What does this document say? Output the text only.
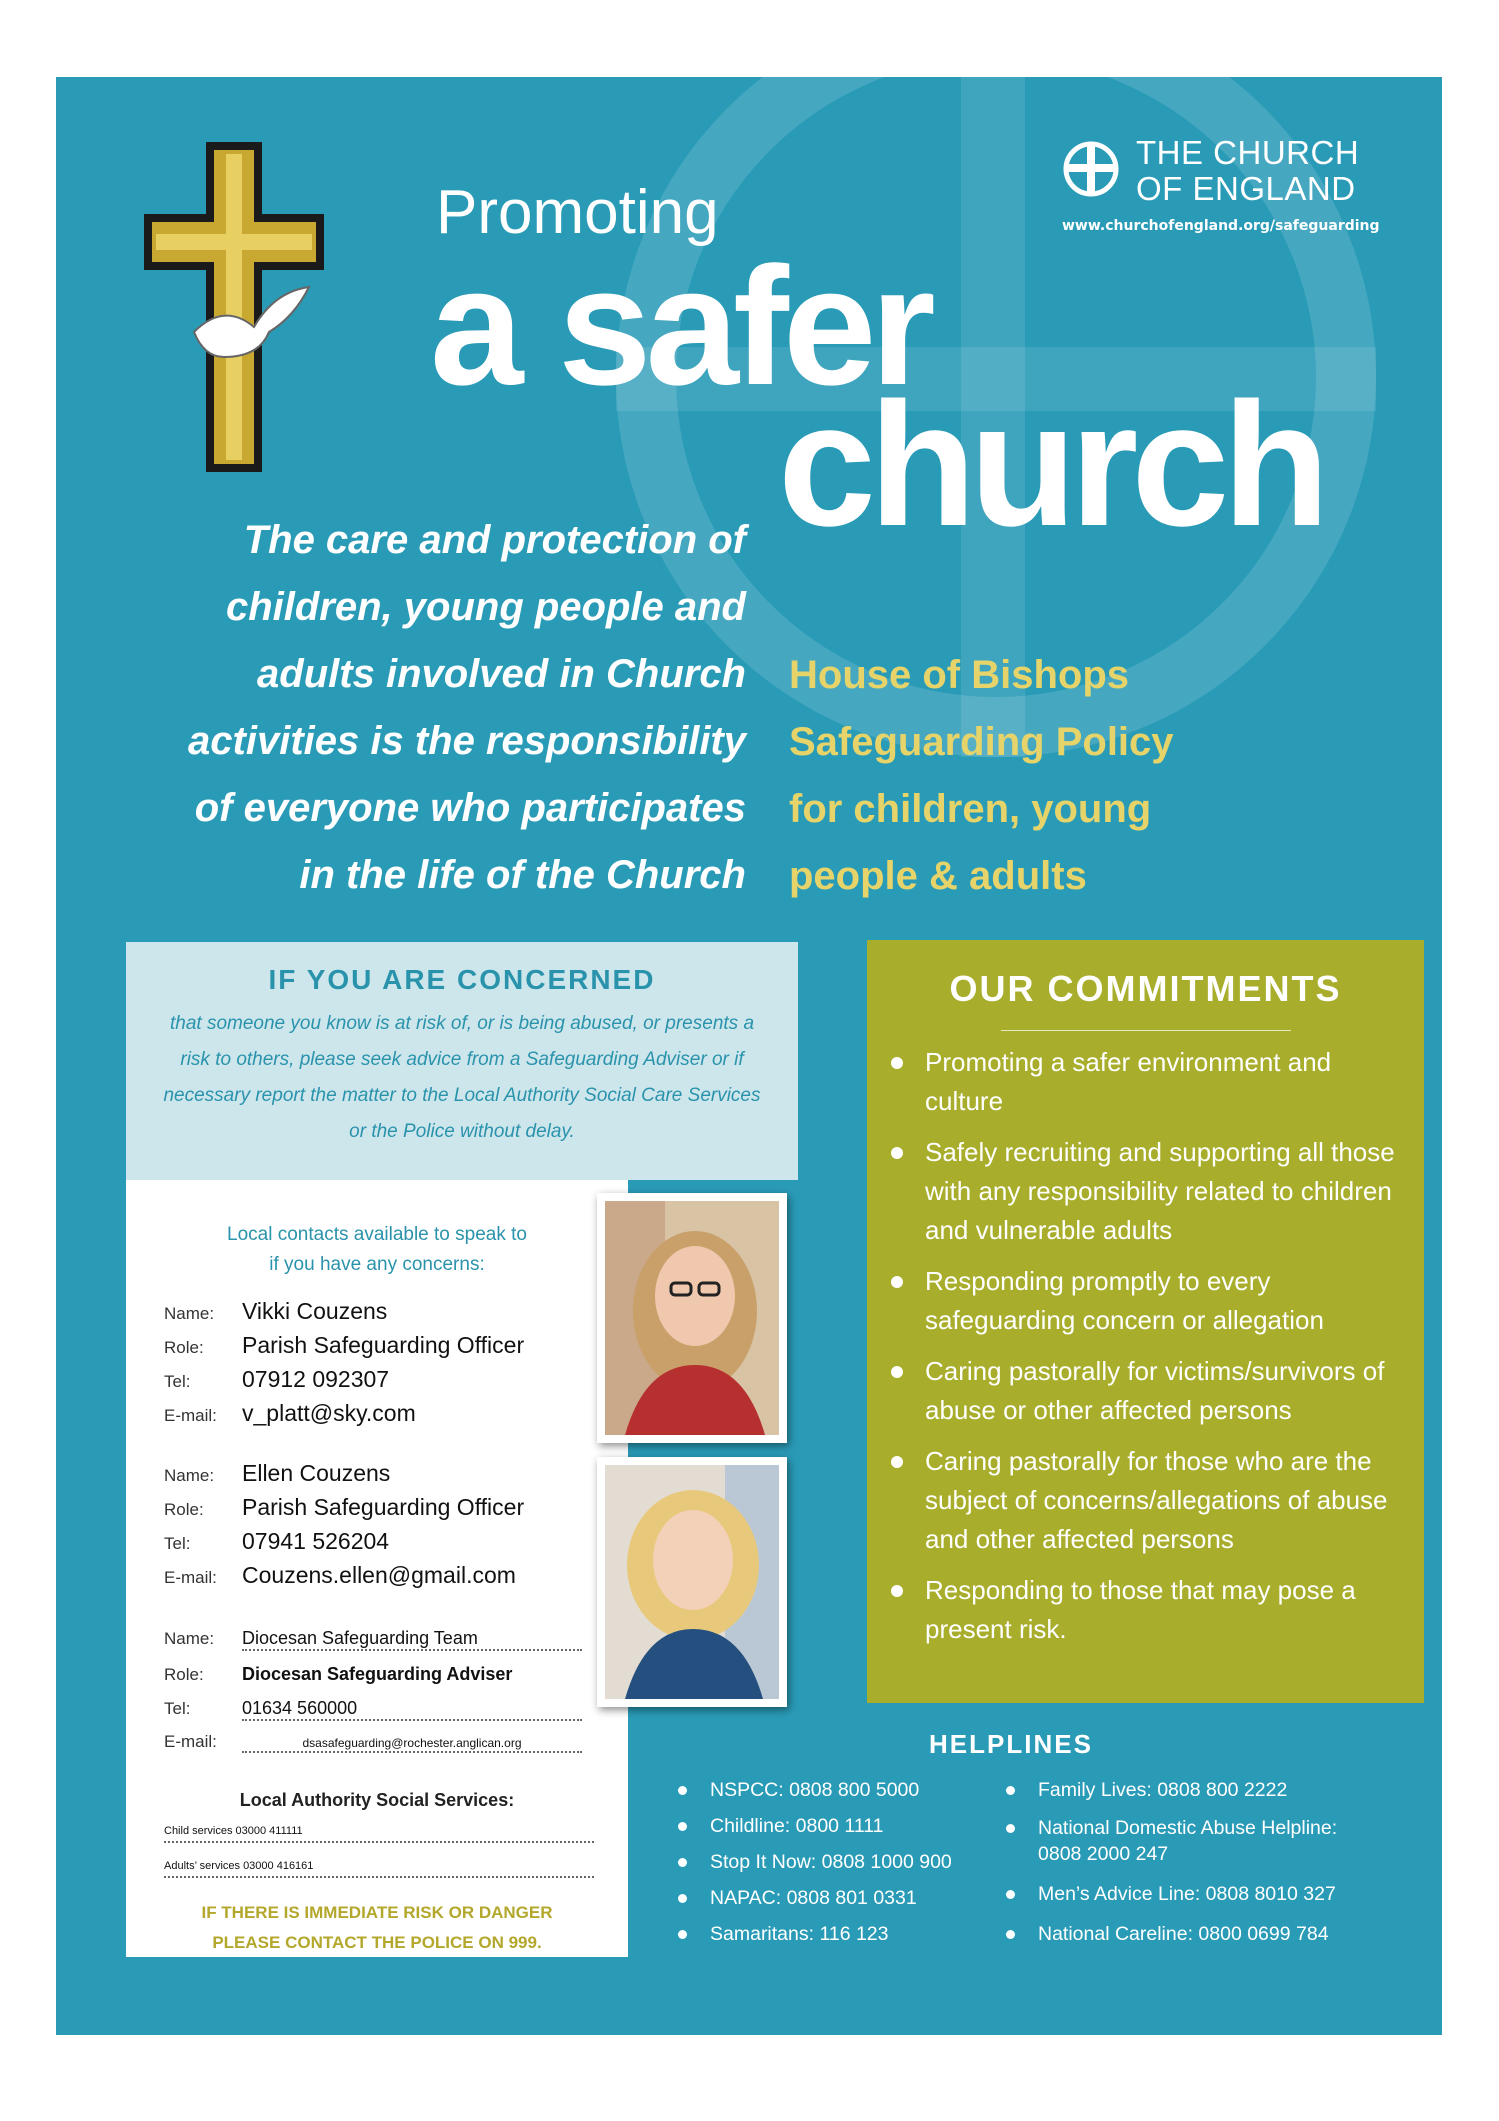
THE CHURCH
OF ENGLAND
www.churchofengland.org/safeguarding
Promoting
a safer
church
The care and protection of
children, young people and
adults involved in Church
activities is the responsibility
of everyone who participates
in the life of the Church
House of Bishops
Safeguarding Policy
for children, young
people & adults
IF YOU ARE CONCERNED

that someone you know is at risk of, or is being abused, or presents a risk to others, please seek advice from a Safeguarding Adviser or if necessary report the matter to the Local Authority Social Care Services or the Police without delay.

Local contacts available to speak to
if you have any concerns:
Name: Vikki Couzens
Role: Parish Safeguarding Officer
Tel: 07912 092307
E-mail: v_platt@sky.com
Name: Ellen Couzens
Role: Parish Safeguarding Officer
Tel: 07941 526204
E-mail: Couzens.ellen@gmail.com
Name: Diocesan Safeguarding Team
Role: Diocesan Safeguarding Adviser
Tel:	01634 560000
E-mail:	dsasafeguarding@rochester.anglican.org
Local Authority Social Services:
Child services 03000 411111
Adults’ services 03000 416161
IF THERE IS IMMEDIATE RISK OR DANGER
PLEASE CONTACT THE POLICE ON 999.
OUR COMMITMENTS
Promoting a safer environment and culture
Safely recruiting and supporting all those with any responsibility related to children and vulnerable adults
Responding promptly to every safeguarding concern or allegation
Caring pastorally for victims/survivors of abuse or other affected persons
Caring pastorally for those who are the subject of concerns/allegations of abuse and other affected persons
Responding to those that may pose a present risk.
HELPLINES
NSPCC: 0808 800 5000
Childline: 0800 1111
Stop It Now: 0808 1000 900
NAPAC: 0808 801 0331
Samaritans: 116 123
Family Lives: 0808 800 2222
National Domestic Abuse Helpline:
0808 2000 247
Men’s Advice Line: 0808 8010 327
National Careline: 0800 0699 784
